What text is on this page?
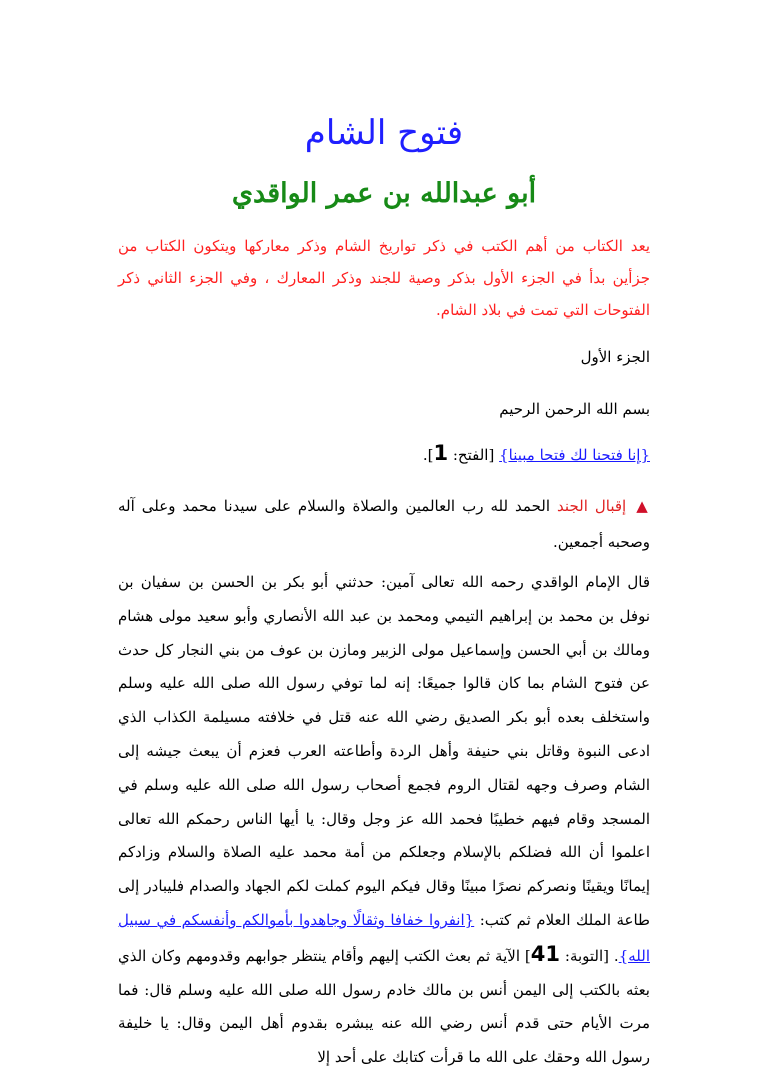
فتوح الشام
أبو عبدالله بن عمر الواقدي
يعد الكتاب من أهم الكتب في ذكر تواريخ الشام وذكر معاركها ويتكون الكتاب من جزأين بدأ في الجزء الأول بذكر وصية للجند وذكر المعارك ، وفي الجزء الثاني ذكر الفتوحات التي تمت في بلاد الشام.
الجزء الأول
بسم الله الرحمن الرحيم
{إنا فتحنا لك فتحا مبينا} [الفتح: 1].
▲إقبال الجند الحمد لله رب العالمين والصلاة والسلام على سيدنا محمد وعلى آله وصحبه أجمعين.

قال الإمام الواقدي رحمه الله تعالى آمين: حدثني أبو بكر بن الحسن بن سفيان بن نوفل بن محمد بن إبراهيم التيمي ومحمد بن عبد الله الأنصاري وأبو سعيد مولى هشام ومالك بن أبي الحسن وإسماعيل مولى الزبير ومازن بن عوف من بني النجار كل حدث عن فتوح الشام بما كان قالوا جميعًا: إنه لما توفي رسول الله صلى الله عليه وسلم واستخلف بعده أبو بكر الصديق رضي الله عنه قتل في خلافته مسيلمة الكذاب الذي ادعى النبوة وقاتل بني حنيفة وأهل الردة وأطاعته العرب فعزم أن يبعث جيشه إلى الشام وصرف وجهه لقتال الروم فجمع أصحاب رسول الله صلى الله عليه وسلم في المسجد وقام فيهم خطيبًا فحمد الله عز وجل وقال: يا أيها الناس رحمكم الله تعالى اعلموا أن الله فضلكم بالإسلام وجعلكم من أمة محمد عليه الصلاة والسلام وزادكم إيمانًا ويقينًا ونصركم نصرًا مبينًا وقال فيكم اليوم كملت لكم الجهاد والصدام فليبادر إلى طاعة الملك العلام ثم كتب: {انفروا خفافا وثقالًا وجاهدوا بأموالكم وأنفسكم في سبيل الله}. [التوبة: 41] الآية ثم بعث الكتب إليهم وأقام ينتظر جوابهم وقدومهم وكان الذي بعثه بالكتب إلى اليمن أنس بن مالك خادم رسول الله صلى الله عليه وسلم قال: فما مرت الأيام حتى قدم أنس رضي الله عنه يبشره بقدوم أهل اليمن وقال: يا خليفة رسول الله وحقك على الله ما قرأت كتابك على أحد إلا
